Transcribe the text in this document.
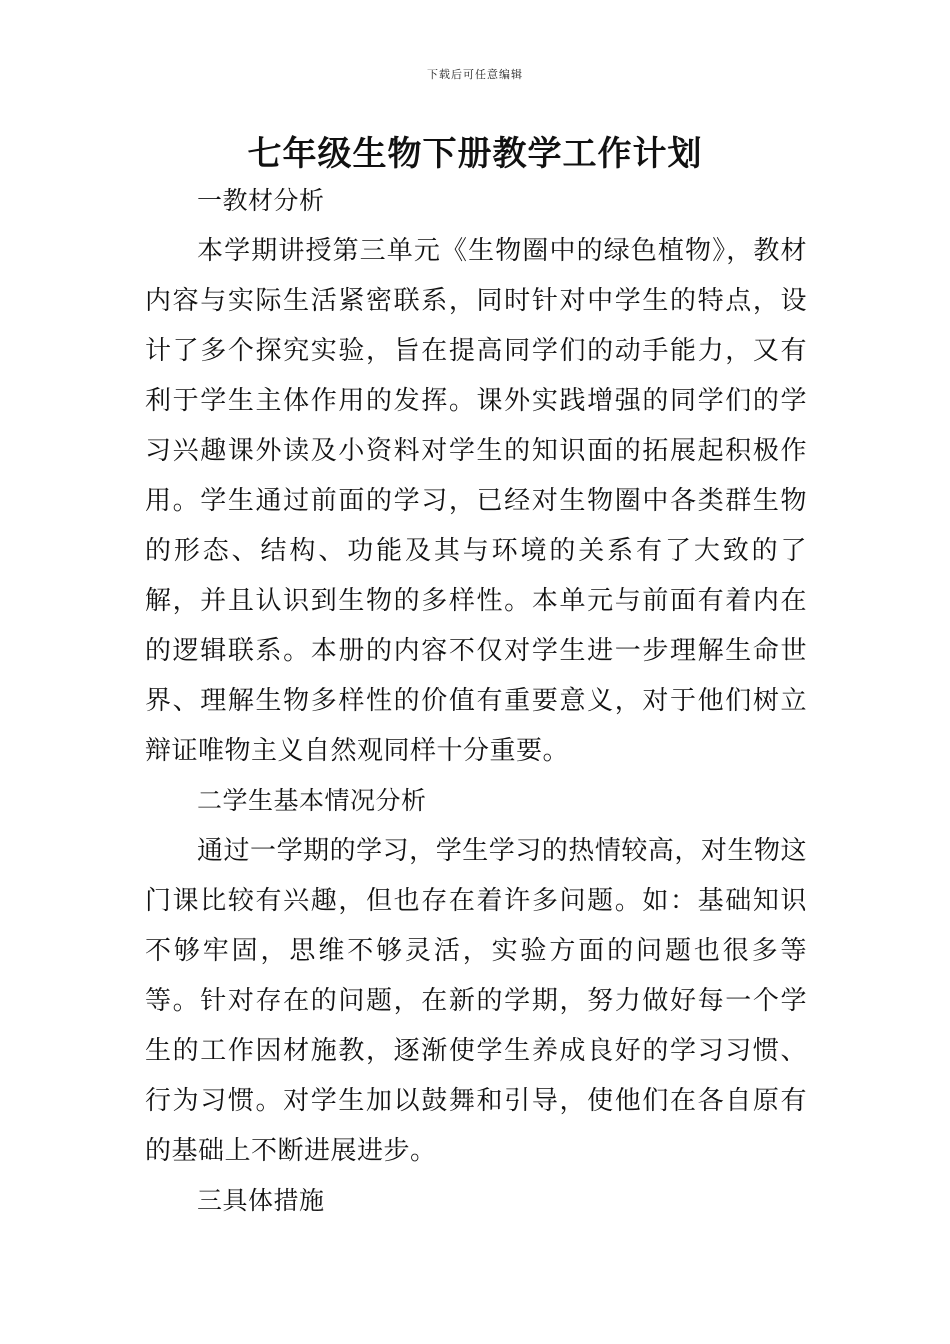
下载后可任意编辑
七年级生物下册教学工作计划

一教材分析

本学期讲授第三单元《生物圈中的绿色植物》，教材内容与实际生活紧密联系，同时针对中学生的特点，设计了多个探究实验，旨在提高同学们的动手能力，又有利于学生主体作用的发挥。课外实践增强的同学们的学习兴趣课外读及小资料对学生的知识面的拓展起积极作用。学生通过前面的学习，已经对生物圈中各类群生物的形态、结构、功能及其与环境的关系有了大致的了解，并且认识到生物的多样性。本单元与前面有着内在的逻辑联系。本册的内容不仅对学生进一步理解生命世界、理解生物多样性的价值有重要意义，对于他们树立辩证唯物主义自然观同样十分重要。

二学生基本情况分析

通过一学期的学习，学生学习的热情较高，对生物这门课比较有兴趣，但也存在着许多问题。如：基础知识不够牢固，思维不够灵活，实验方面的问题也很多等等。针对存在的问题，在新的学期，努力做好每一个学生的工作因材施教，逐渐使学生养成良好的学习习惯、行为习惯。对学生加以鼓舞和引导，使他们在各自原有的基础上不断进展进步。

三具体措施
